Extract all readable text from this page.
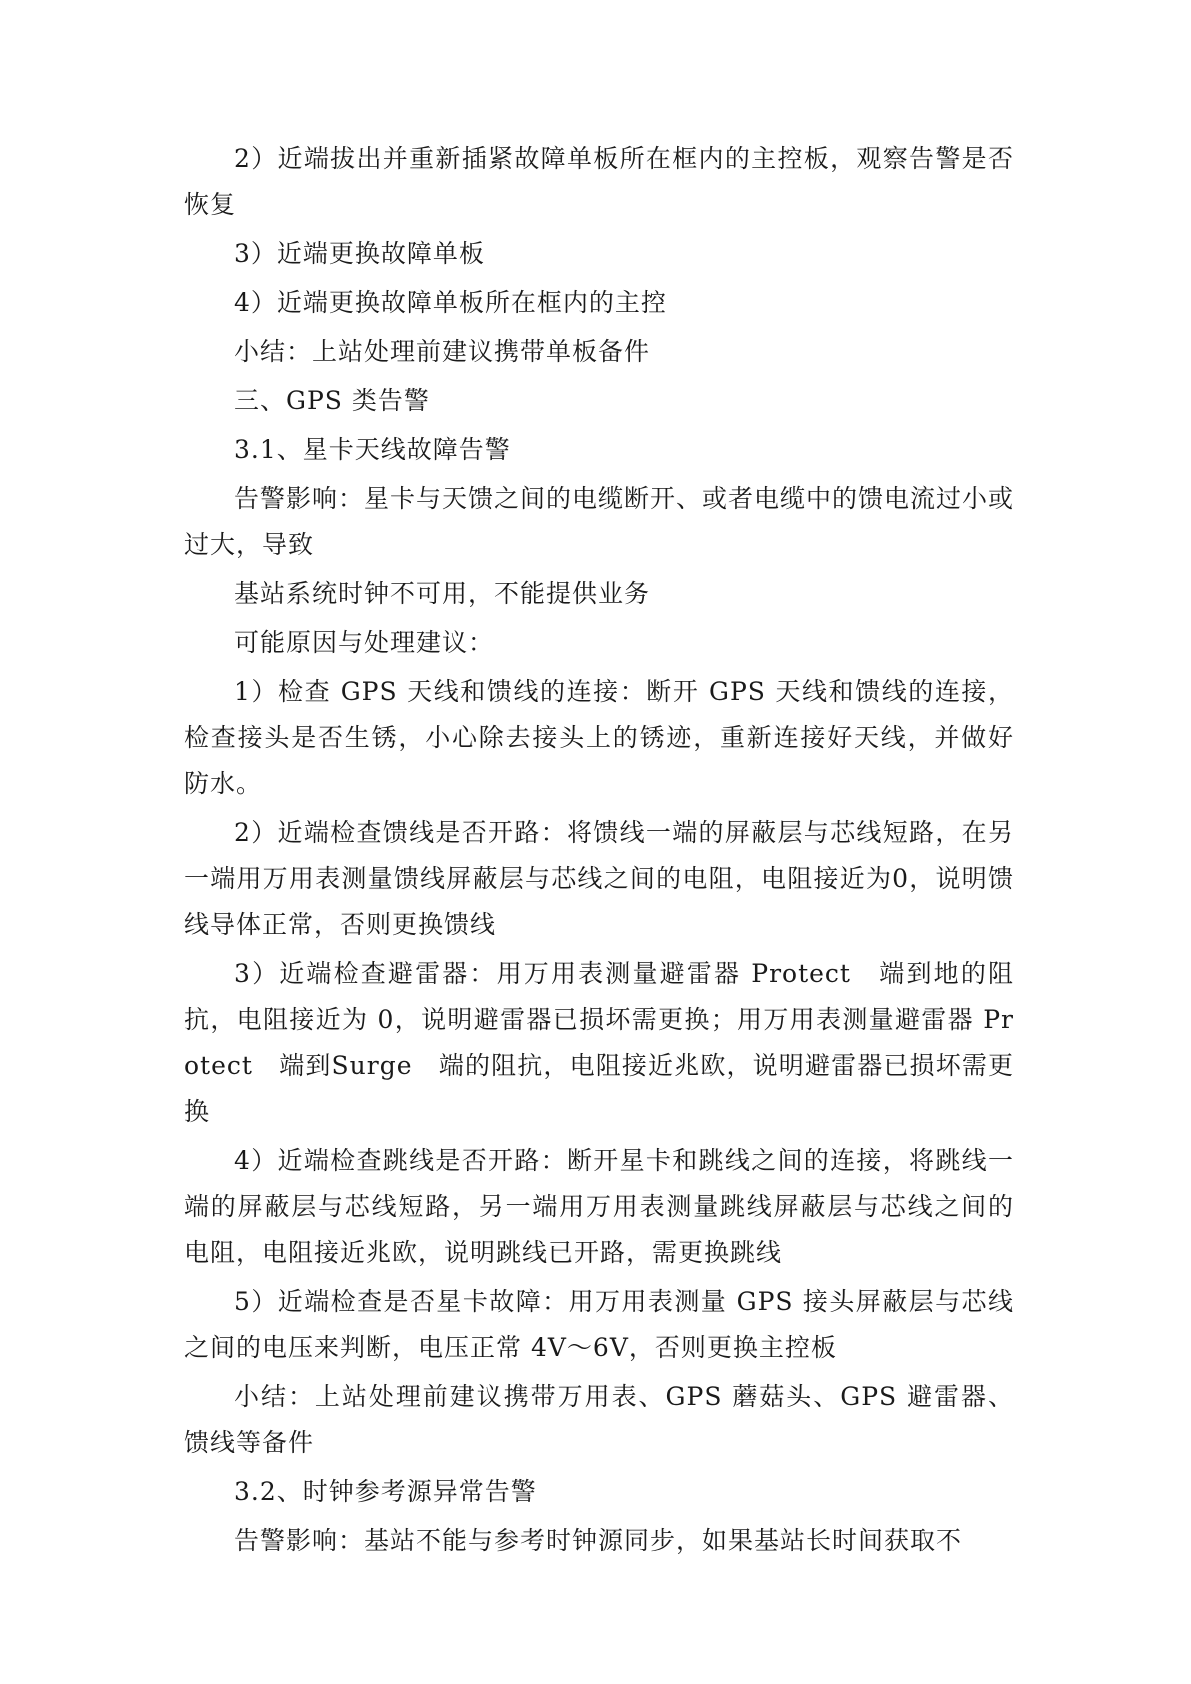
2）近端拔出并重新插紧故障单板所在框内的主控板，观察告警是否恢复

3）近端更换故障单板

4）近端更换故障单板所在框内的主控

小结：上站处理前建议携带单板备件

三、GPS 类告警

3.1、星卡天线故障告警

告警影响：星卡与天馈之间的电缆断开、或者电缆中的馈电流过小或过大，导致

基站系统时钟不可用，不能提供业务

可能原因与处理建议：

1）检查 GPS 天线和馈线的连接：断开 GPS 天线和馈线的连接，检查接头是否生锈，小心除去接头上的锈迹，重新连接好天线，并做好防水。

2）近端检查馈线是否开路：将馈线一端的屏蔽层与芯线短路，在另一端用万用表测量馈线屏蔽层与芯线之间的电阻，电阻接近为0，说明馈线导体正常，否则更换馈线

3）近端检查避雷器：用万用表测量避雷器 Protect　端到地的阻抗，电阻接近为 0，说明避雷器已损坏需更换；用万用表测量避雷器 Protect　端到Surge　端的阻抗，电阻接近兆欧，说明避雷器已损坏需更换

4）近端检查跳线是否开路：断开星卡和跳线之间的连接，将跳线一端的屏蔽层与芯线短路，另一端用万用表测量跳线屏蔽层与芯线之间的电阻，电阻接近兆欧，说明跳线已开路，需更换跳线

5）近端检查是否星卡故障：用万用表测量 GPS 接头屏蔽层与芯线之间的电压来判断，电压正常 4V～6V，否则更换主控板

小结：上站处理前建议携带万用表、GPS 蘑菇头、GPS 避雷器、馈线等备件

3.2、时钟参考源异常告警

告警影响：基站不能与参考时钟源同步，如果基站长时间获取不
